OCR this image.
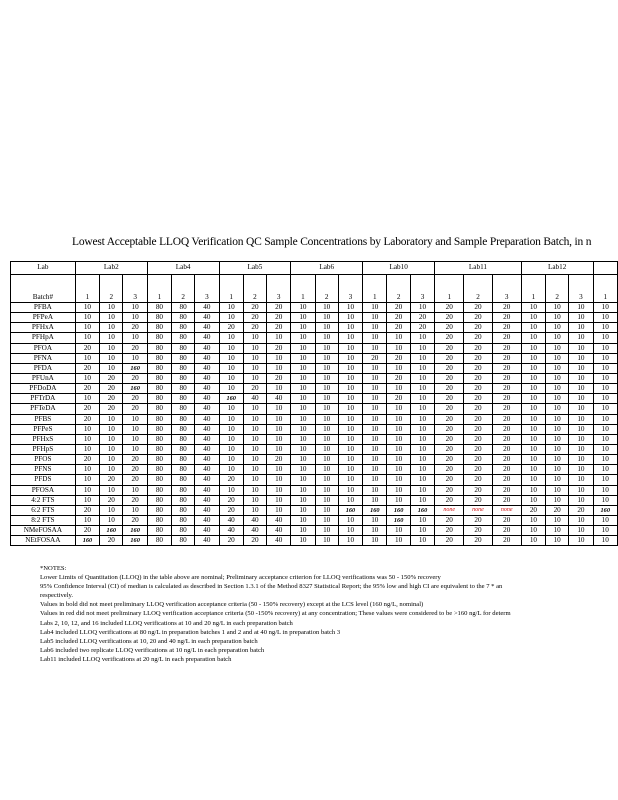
Lowest Acceptable LLOQ Verification QC Sample Concentrations by Laboratory and Sample Preparation Batch, in n
Lab	Lab2			Lab4			Lab5			Lab6			Lab10			Lab11			Lab12			
Batch#	1	2	3	1	2	3	1	2	3	1	2	3	1	2	3	1	2	3	1	2	3	1
PFBA	10	10	10	80	80	40	10	20	20	10	10	10	10	20	10	20	20	20	10	10	10	10
PFPeA	10	10	10	80	80	40	10	20	20	10	10	10	10	20	20	20	20	20	10	10	10	10
PFHxA	10	10	20	80	80	40	20	20	20	10	10	10	10	20	20	20	20	20	10	10	10	10
PFHpA	10	10	10	80	80	40	10	10	10	10	10	10	10	10	10	20	20	20	10	10	10	10
PFOA	20	10	20	80	80	40	10	10	20	10	10	10	10	10	10	20	20	20	10	10	10	10
PFNA	10	10	10	80	80	40	10	10	10	10	10	10	20	20	10	20	20	20	10	10	10	10
PFDA	20	10	160	80	80	40	10	10	10	10	10	10	10	10	10	20	20	20	10	10	10	10
PFUnA	10	20	20	80	80	40	10	10	20	10	10	10	10	20	10	20	20	20	10	10	10	10
PFDoDA	20	20	160	80	80	40	10	20	10	10	10	10	10	10	10	20	20	20	10	10	10	10
PFTrDA	10	20	20	80	80	40	160	40	40	10	10	10	10	20	10	20	20	20	10	10	10	10
PFTeDA	20	20	20	80	80	40	10	10	10	10	10	10	10	10	10	20	20	20	10	10	10	10
PFBS	20	10	10	80	80	40	10	10	10	10	10	10	10	10	10	20	20	20	10	10	10	10
PFPeS	10	10	10	80	80	40	10	10	10	10	10	10	10	10	10	20	20	20	10	10	10	10
PFHxS	10	10	10	80	80	40	10	10	10	10	10	10	10	10	10	20	20	20	10	10	10	10
PFHpS	10	10	10	80	80	40	10	10	10	10	10	10	10	10	10	20	20	20	10	10	10	10
PFOS	20	10	20	80	80	40	10	10	20	10	10	10	10	10	10	20	20	20	10	10	10	10
PFNS	10	10	20	80	80	40	10	10	10	10	10	10	10	10	10	20	20	20	10	10	10	10
PFDS	10	20	20	80	80	40	20	10	10	10	10	10	10	10	10	20	20	20	10	10	10	10
PFOSA	10	10	10	80	80	40	10	10	10	10	10	10	10	10	10	20	20	20	10	10	10	10
4:2 FTS	10	20	20	80	80	40	20	10	10	10	10	10	10	10	10	20	20	20	10	10	10	10
6:2 FTS	20	10	10	80	80	40	20	10	10	10	10	160	160	160	160	none	none	none	20	20	20	160
8:2 FTS	10	10	20	80	80	40	40	40	40	10	10	10	10	160	10	20	20	20	10	10	10	10
NMeFOSAA	20	160	160	80	80	40	40	40	40	10	10	10	10	10	10	20	20	20	10	10	10	10
NEtFOSAA	160	20	160	80	80	40	20	20	40	10	10	10	10	10	10	20	20	20	10	10	10	10
*NOTES:
Lower Limits of Quantitation (LLOQ) in the table above are nominal; Preliminary acceptance criterion for LLOQ verifications was 50 - 150% recovery
95% Confidence Interval (CI) of median is calculated as described in Section 1.3.1 of the Method 8327 Statistical Report; the 95% low and high CI are equivalent to the 7 * an
respectively.
Values in bold did not meet preliminary LLOQ verification acceptance criteria (50 - 150% recovery) except at the LCS level (160 ng/L, nominal)
Values in red did not meet preliminary LLOQ verification acceptance criteria (50 -150% recovery) at any concentration; These values were considered to be >160 ng/L for determ
Labs 2, 10, 12, and 16 included LLOQ verifications at 10 and 20 ng/L in each preparation batch
Lab4 included LLOQ verifications at 80 ng/L in preparation batches 1 and 2 and at 40 ng/L in preparation batch 3
Lab5 included LLOQ verifications at 10, 20 and 40 ng/L in each preparation batch
Lab6 included two replicate LLOQ verifications at 10 ng/L in each preparation batch
Lab11 included LLOQ verifications at 20 ng/L in each preparation batch
